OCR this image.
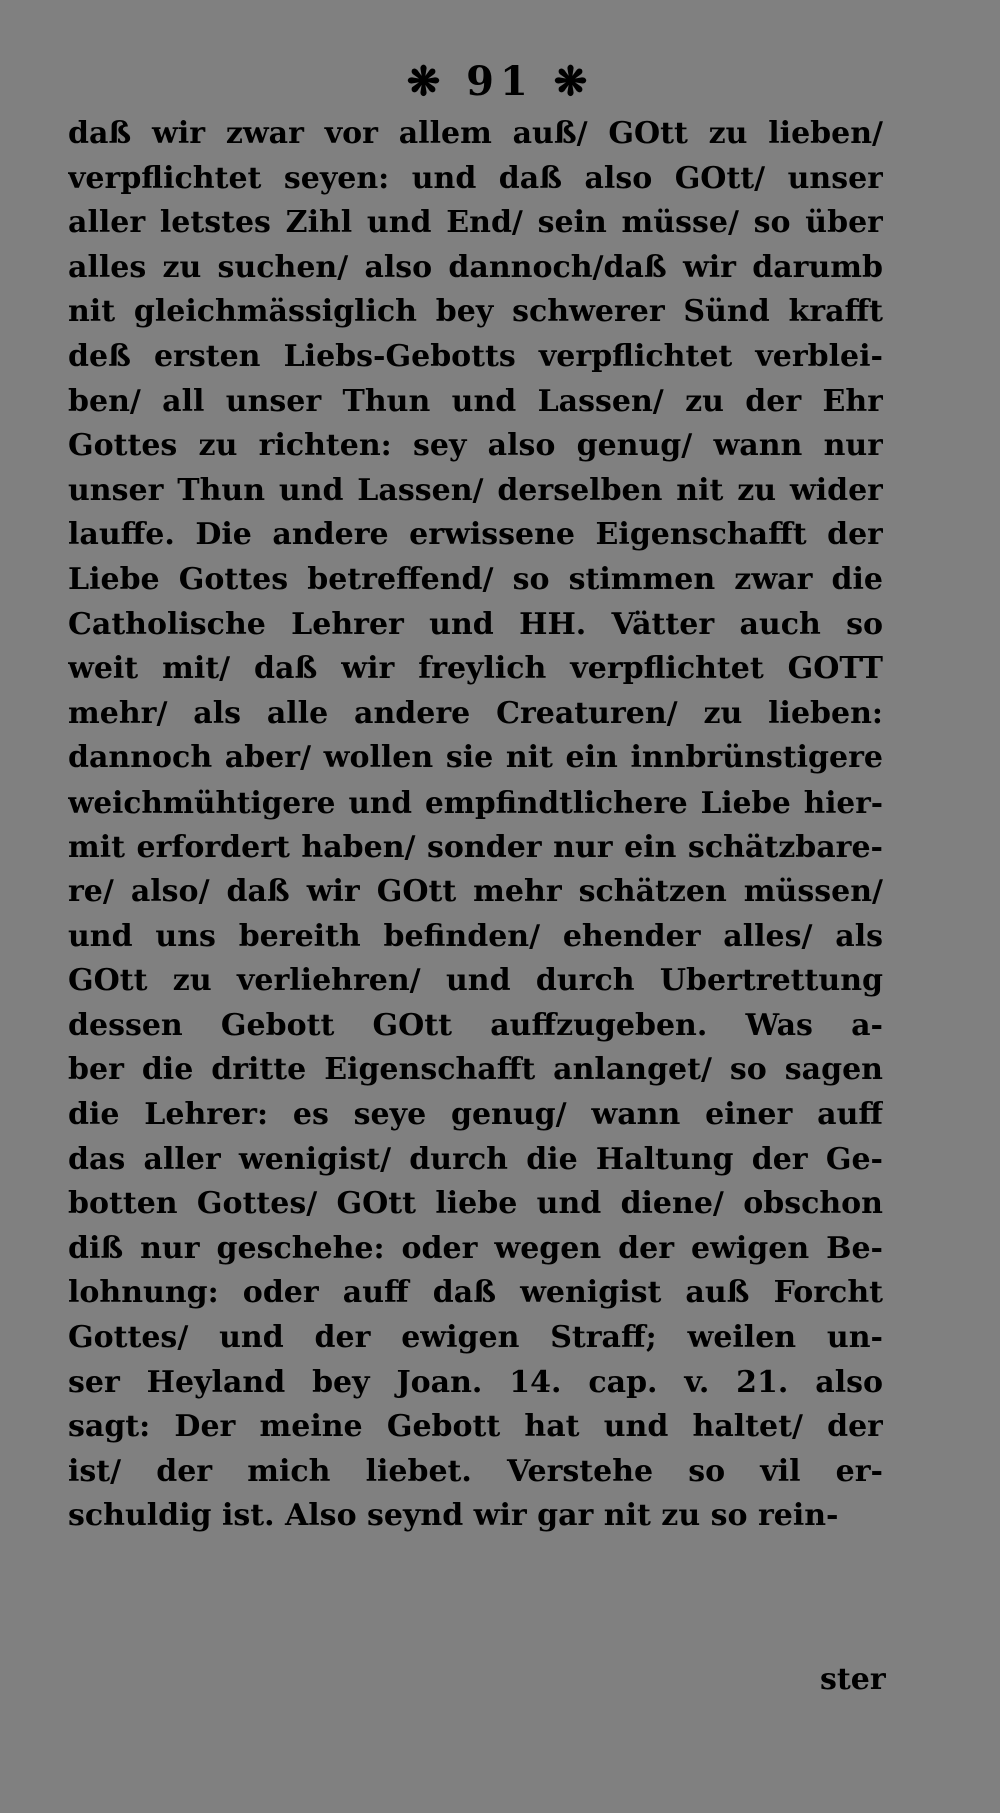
❋ 91 ❋
daß wir zwar vor allem auß/ GOtt zu lieben/
verpflichtet seyen: und daß also GOtt/ unser
aller letstes Zihl und End/ sein müsse/ so über
alles zu suchen/ also dannoch/daß wir darumb
nit gleichmässiglich bey schwerer Sünd krafft
deß ersten Liebs-Gebotts verpflichtet verblei-
ben/ all unser Thun und Lassen/ zu der Ehr
Gottes zu richten: sey also genug/ wann nur
unser Thun und Lassen/ derselben nit zu wider
lauffe. Die andere erwissene Eigenschafft der
Liebe Gottes betreffend/ so stimmen zwar die
Catholische Lehrer und HH. Vätter auch so
weit mit/ daß wir freylich verpflichtet GOTT
mehr/ als alle andere Creaturen/ zu lieben:
dannoch aber/ wollen sie nit ein innbrünstigere
weichmühtigere und empfindtlichere Liebe hier-
mit erfordert haben/ sonder nur ein schätzbare-
re/ also/ daß wir GOtt mehr schätzen müssen/
und uns bereith befinden/ ehender alles/ als
GOtt zu verliehren/ und durch Ubertrettung
dessen Gebott GOtt auffzugeben. Was a-
ber die dritte Eigenschafft anlanget/ so sagen
die Lehrer: es seye genug/ wann einer auff
das aller wenigist/ durch die Haltung der Ge-
botten Gottes/ GOtt liebe und diene/ obschon
diß nur geschehe: oder wegen der ewigen Be-
lohnung: oder auff daß wenigist auß Forcht
Gottes/ und der ewigen Straff; weilen un-
ser Heyland bey Joan. 14. cap. v. 21. also
sagt: Der meine Gebott hat und haltet/ der
ist/ der mich liebet. Verstehe so vil er-
schuldig ist. Also seynd wir gar nit zu so rein-
ster
